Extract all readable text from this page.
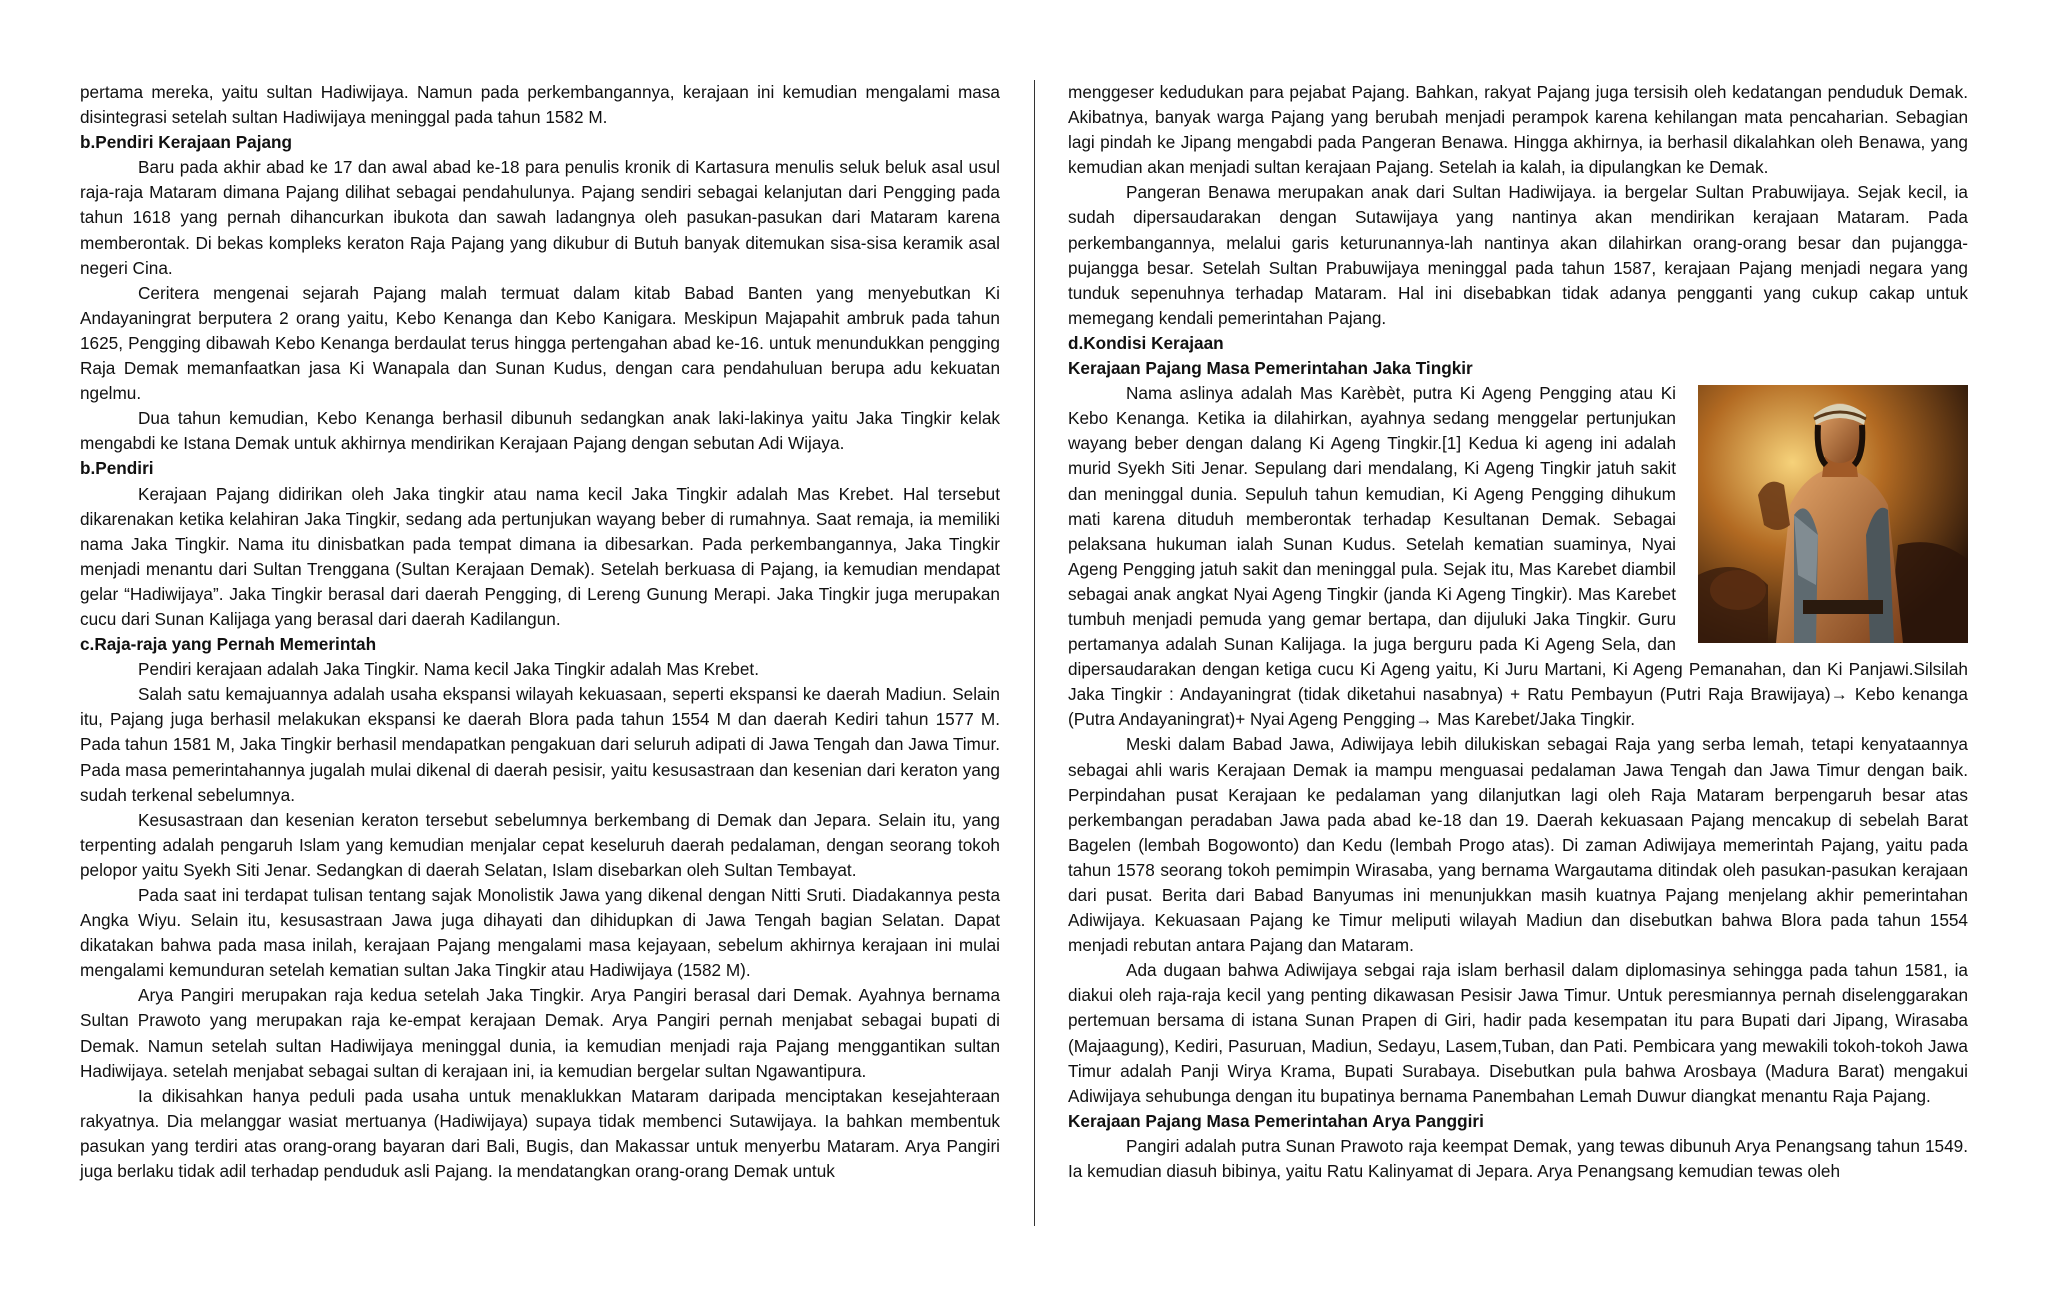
pertama mereka, yaitu sultan Hadiwijaya. Namun pada perkembangannya, kerajaan ini kemudian mengalami masa disintegrasi setelah sultan Hadiwijaya meninggal pada tahun 1582 M.

b.Pendiri Kerajaan Pajang

Baru pada akhir abad ke 17 dan awal abad ke-18 para penulis kronik di Kartasura menulis seluk beluk asal usul raja-raja Mataram dimana Pajang dilihat sebagai pendahulunya. Pajang sendiri sebagai kelanjutan dari Pengging pada tahun 1618 yang pernah dihancurkan ibukota dan sawah ladangnya oleh pasukan-pasukan dari Mataram karena memberontak. Di bekas kompleks keraton Raja Pajang yang dikubur di Butuh banyak ditemukan sisa-sisa keramik asal negeri Cina.

Ceritera mengenai sejarah Pajang malah termuat dalam kitab Babad Banten yang menyebutkan Ki Andayaningrat berputera 2 orang yaitu, Kebo Kenanga dan Kebo Kanigara. Meskipun Majapahit ambruk pada tahun 1625, Pengging dibawah Kebo Kenanga berdaulat terus hingga pertengahan abad ke-16. untuk menundukkan pengging Raja Demak memanfaatkan jasa Ki Wanapala dan Sunan Kudus, dengan cara pendahuluan berupa adu kekuatan ngelmu.

Dua tahun kemudian, Kebo Kenanga berhasil dibunuh sedangkan anak laki-lakinya yaitu Jaka Tingkir kelak mengabdi ke Istana Demak untuk akhirnya mendirikan Kerajaan Pajang dengan sebutan Adi Wijaya.

b.Pendiri

Kerajaan Pajang didirikan oleh Jaka tingkir atau nama kecil Jaka Tingkir adalah Mas Krebet. Hal tersebut dikarenakan ketika kelahiran Jaka Tingkir, sedang ada pertunjukan wayang beber di rumahnya. Saat remaja, ia memiliki nama Jaka Tingkir. Nama itu dinisbatkan pada tempat dimana ia dibesarkan. Pada perkembangannya, Jaka Tingkir menjadi menantu dari Sultan Trenggana (Sultan Kerajaan Demak). Setelah berkuasa di Pajang, ia kemudian mendapat gelar “Hadiwijaya”. Jaka Tingkir berasal dari daerah Pengging, di Lereng Gunung Merapi. Jaka Tingkir juga merupakan cucu dari Sunan Kalijaga yang berasal dari daerah Kadilangun.

c.Raja-raja yang Pernah Memerintah

Pendiri kerajaan adalah Jaka Tingkir. Nama kecil Jaka Tingkir adalah Mas Krebet.

Salah satu kemajuannya adalah usaha ekspansi wilayah kekuasaan, seperti ekspansi ke daerah Madiun. Selain itu, Pajang juga berhasil melakukan ekspansi ke daerah Blora pada tahun 1554 M dan daerah Kediri tahun 1577 M. Pada tahun 1581 M, Jaka Tingkir berhasil mendapatkan pengakuan dari seluruh adipati di Jawa Tengah dan Jawa Timur. Pada masa pemerintahannya jugalah mulai dikenal di daerah pesisir, yaitu kesusastraan dan kesenian dari keraton yang sudah terkenal sebelumnya.

Kesusastraan dan kesenian keraton tersebut sebelumnya berkembang di Demak dan Jepara. Selain itu, yang terpenting adalah pengaruh Islam yang kemudian menjalar cepat keseluruh daerah pedalaman, dengan seorang tokoh pelopor yaitu Syekh Siti Jenar. Sedangkan di daerah Selatan, Islam disebarkan oleh Sultan Tembayat.

Pada saat ini terdapat tulisan tentang sajak Monolistik Jawa yang dikenal dengan Nitti Sruti. Diadakannya pesta Angka Wiyu. Selain itu, kesusastraan Jawa juga dihayati dan dihidupkan di Jawa Tengah bagian Selatan. Dapat dikatakan bahwa pada masa inilah, kerajaan Pajang mengalami masa kejayaan, sebelum akhirnya kerajaan ini mulai mengalami kemunduran setelah kematian sultan Jaka Tingkir atau Hadiwijaya (1582 M).

Arya Pangiri merupakan raja kedua setelah Jaka Tingkir. Arya Pangiri berasal dari Demak. Ayahnya bernama Sultan Prawoto yang merupakan raja ke-empat kerajaan Demak. Arya Pangiri pernah menjabat sebagai bupati di Demak. Namun setelah sultan Hadiwijaya meninggal dunia, ia kemudian menjadi raja Pajang menggantikan sultan Hadiwijaya. setelah menjabat sebagai sultan di kerajaan ini, ia kemudian bergelar sultan Ngawantipura.

Ia dikisahkan hanya peduli pada usaha untuk menaklukkan Mataram daripada menciptakan kesejahteraan rakyatnya. Dia melanggar wasiat mertuanya (Hadiwijaya) supaya tidak membenci Sutawijaya. Ia bahkan membentuk pasukan yang terdiri atas orang-orang bayaran dari Bali, Bugis, dan Makassar untuk menyerbu Mataram. Arya Pangiri juga berlaku tidak adil terhadap penduduk asli Pajang. Ia mendatangkan orang-orang Demak untuk

menggeser kedudukan para pejabat Pajang. Bahkan, rakyat Pajang juga tersisih oleh kedatangan penduduk Demak. Akibatnya, banyak warga Pajang yang berubah menjadi perampok karena kehilangan mata pencaharian. Sebagian lagi pindah ke Jipang mengabdi pada Pangeran Benawa. Hingga akhirnya, ia berhasil dikalahkan oleh Benawa, yang kemudian akan menjadi sultan kerajaan Pajang. Setelah ia kalah, ia dipulangkan ke Demak.

Pangeran Benawa merupakan anak dari Sultan Hadiwijaya. ia bergelar Sultan Prabuwijaya. Sejak kecil, ia sudah dipersaudarakan dengan Sutawijaya yang nantinya akan mendirikan kerajaan Mataram. Pada perkembangannya, melalui garis keturunannya-lah nantinya akan dilahirkan orang-orang besar dan pujangga-pujangga besar. Setelah Sultan Prabuwijaya meninggal pada tahun 1587, kerajaan Pajang menjadi negara yang tunduk sepenuhnya terhadap Mataram. Hal ini disebabkan tidak adanya pengganti yang cukup cakap untuk memegang kendali pemerintahan Pajang.

d.Kondisi Kerajaan
Kerajaan Pajang Masa Pemerintahan Jaka Tingkir

Nama aslinya adalah Mas Karèbèt, putra Ki Ageng Pengging atau Ki Kebo Kenanga. Ketika ia dilahirkan, ayahnya sedang menggelar pertunjukan wayang beber dengan dalang Ki Ageng Tingkir.[1] Kedua ki ageng ini adalah murid Syekh Siti Jenar. Sepulang dari mendalang, Ki Ageng Tingkir jatuh sakit dan meninggal dunia. Sepuluh tahun kemudian, Ki Ageng Pengging dihukum mati karena dituduh memberontak terhadap Kesultanan Demak. Sebagai pelaksana hukuman ialah Sunan Kudus. Setelah kematian suaminya, Nyai Ageng Pengging jatuh sakit dan meninggal pula. Sejak itu, Mas Karebet diambil sebagai anak angkat Nyai Ageng Tingkir (janda Ki Ageng Tingkir). Mas Karebet tumbuh menjadi pemuda yang gemar bertapa, dan dijuluki Jaka Tingkir. Guru pertamanya adalah Sunan Kalijaga. Ia juga berguru pada Ki Ageng Sela, dan dipersaudarakan dengan ketiga cucu Ki Ageng yaitu, Ki Juru Martani, Ki Ageng Pemanahan, dan Ki Panjawi.Silsilah Jaka Tingkir : Andayaningrat (tidak diketahui nasabnya) + Ratu Pembayun (Putri Raja Brawijaya)→ Kebo kenanga (Putra Andayaningrat)+ Nyai Ageng Pengging→ Mas Karebet/Jaka Tingkir.

Meski dalam Babad Jawa, Adiwijaya lebih dilukiskan sebagai Raja yang serba lemah, tetapi kenyataannya sebagai ahli waris Kerajaan Demak ia mampu menguasai pedalaman Jawa Tengah dan Jawa Timur dengan baik. Perpindahan pusat Kerajaan ke pedalaman yang dilanjutkan lagi oleh Raja Mataram berpengaruh besar atas perkembangan peradaban Jawa pada abad ke-18 dan 19. Daerah kekuasaan Pajang mencakup di sebelah Barat Bagelen (lembah Bogowonto) dan Kedu (lembah Progo atas). Di zaman Adiwijaya memerintah Pajang, yaitu pada tahun 1578 seorang tokoh pemimpin Wirasaba, yang bernama Wargautama ditindak oleh pasukan-pasukan kerajaan dari pusat. Berita dari Babad Banyumas ini menunjukkan masih kuatnya Pajang menjelang akhir pemerintahan Adiwijaya. Kekuasaan Pajang ke Timur meliputi wilayah Madiun dan disebutkan bahwa Blora pada tahun 1554 menjadi rebutan antara Pajang dan Mataram.

Ada dugaan bahwa Adiwijaya sebgai raja islam berhasil dalam diplomasinya sehingga pada tahun 1581, ia diakui oleh raja-raja kecil yang penting dikawasan Pesisir Jawa Timur. Untuk peresmiannya pernah diselenggarakan pertemuan bersama di istana Sunan Prapen di Giri, hadir pada kesempatan itu para Bupati dari Jipang, Wirasaba (Majaagung), Kediri, Pasuruan, Madiun, Sedayu, Lasem,Tuban, dan Pati. Pembicara yang mewakili tokoh-tokoh Jawa Timur adalah Panji Wirya Krama, Bupati Surabaya. Disebutkan pula bahwa Arosbaya (Madura Barat) mengakui Adiwijaya sehubunga dengan itu bupatinya bernama Panembahan Lemah Duwur diangkat menantu Raja Pajang.

Kerajaan Pajang Masa Pemerintahan Arya Panggiri

Pangiri adalah putra Sunan Prawoto raja keempat Demak, yang tewas dibunuh Arya Penangsang tahun 1549. Ia kemudian diasuh bibinya, yaitu Ratu Kalinyamat di Jepara. Arya Penangsang kemudian tewas oleh
